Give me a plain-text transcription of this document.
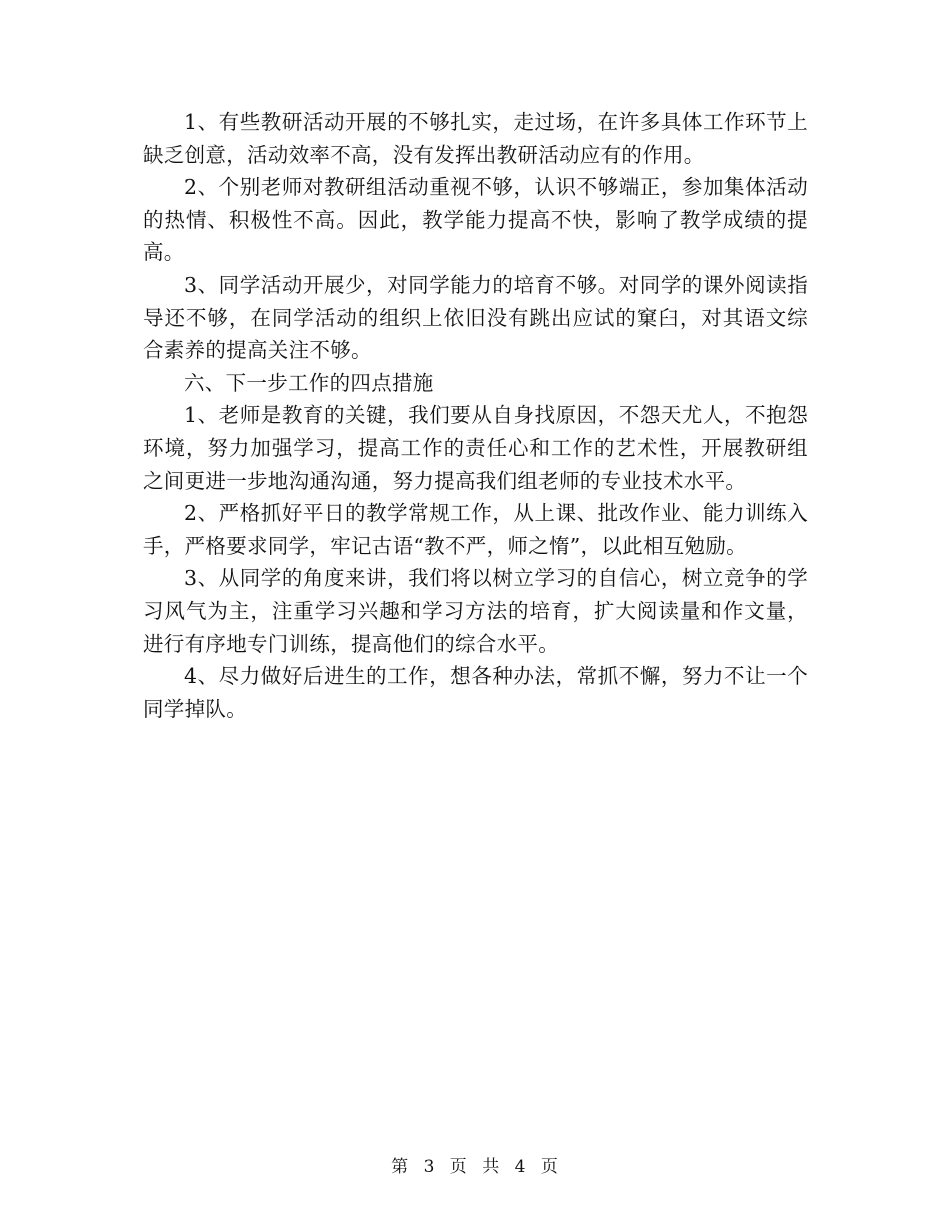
1、有些教研活动开展的不够扎实，走过场，在许多具体工作环节上缺乏创意，活动效率不高，没有发挥出教研活动应有的作用。

2、个别老师对教研组活动重视不够，认识不够端正，参加集体活动的热情、积极性不高。因此，教学能力提高不快，影响了教学成绩的提高。

3、同学活动开展少，对同学能力的培育不够。对同学的课外阅读指导还不够，在同学活动的组织上依旧没有跳出应试的窠臼，对其语文综合素养的提高关注不够。

六、下一步工作的四点措施

1、老师是教育的关键，我们要从自身找原因，不怨天尤人，不抱怨环境，努力加强学习，提高工作的责任心和工作的艺术性，开展教研组之间更进一步地沟通沟通，努力提高我们组老师的专业技术水平。

2、严格抓好平日的教学常规工作，从上课、批改作业、能力训练入手，严格要求同学，牢记古语“教不严，师之惰”，以此相互勉励。

3、从同学的角度来讲，我们将以树立学习的自信心，树立竞争的学习风气为主，注重学习兴趣和学习方法的培育，扩大阅读量和作文量，进行有序地专门训练，提高他们的综合水平。

4、尽力做好后进生的工作，想各种办法，常抓不懈，努力不让一个同学掉队。

第 3 页 共 4 页
